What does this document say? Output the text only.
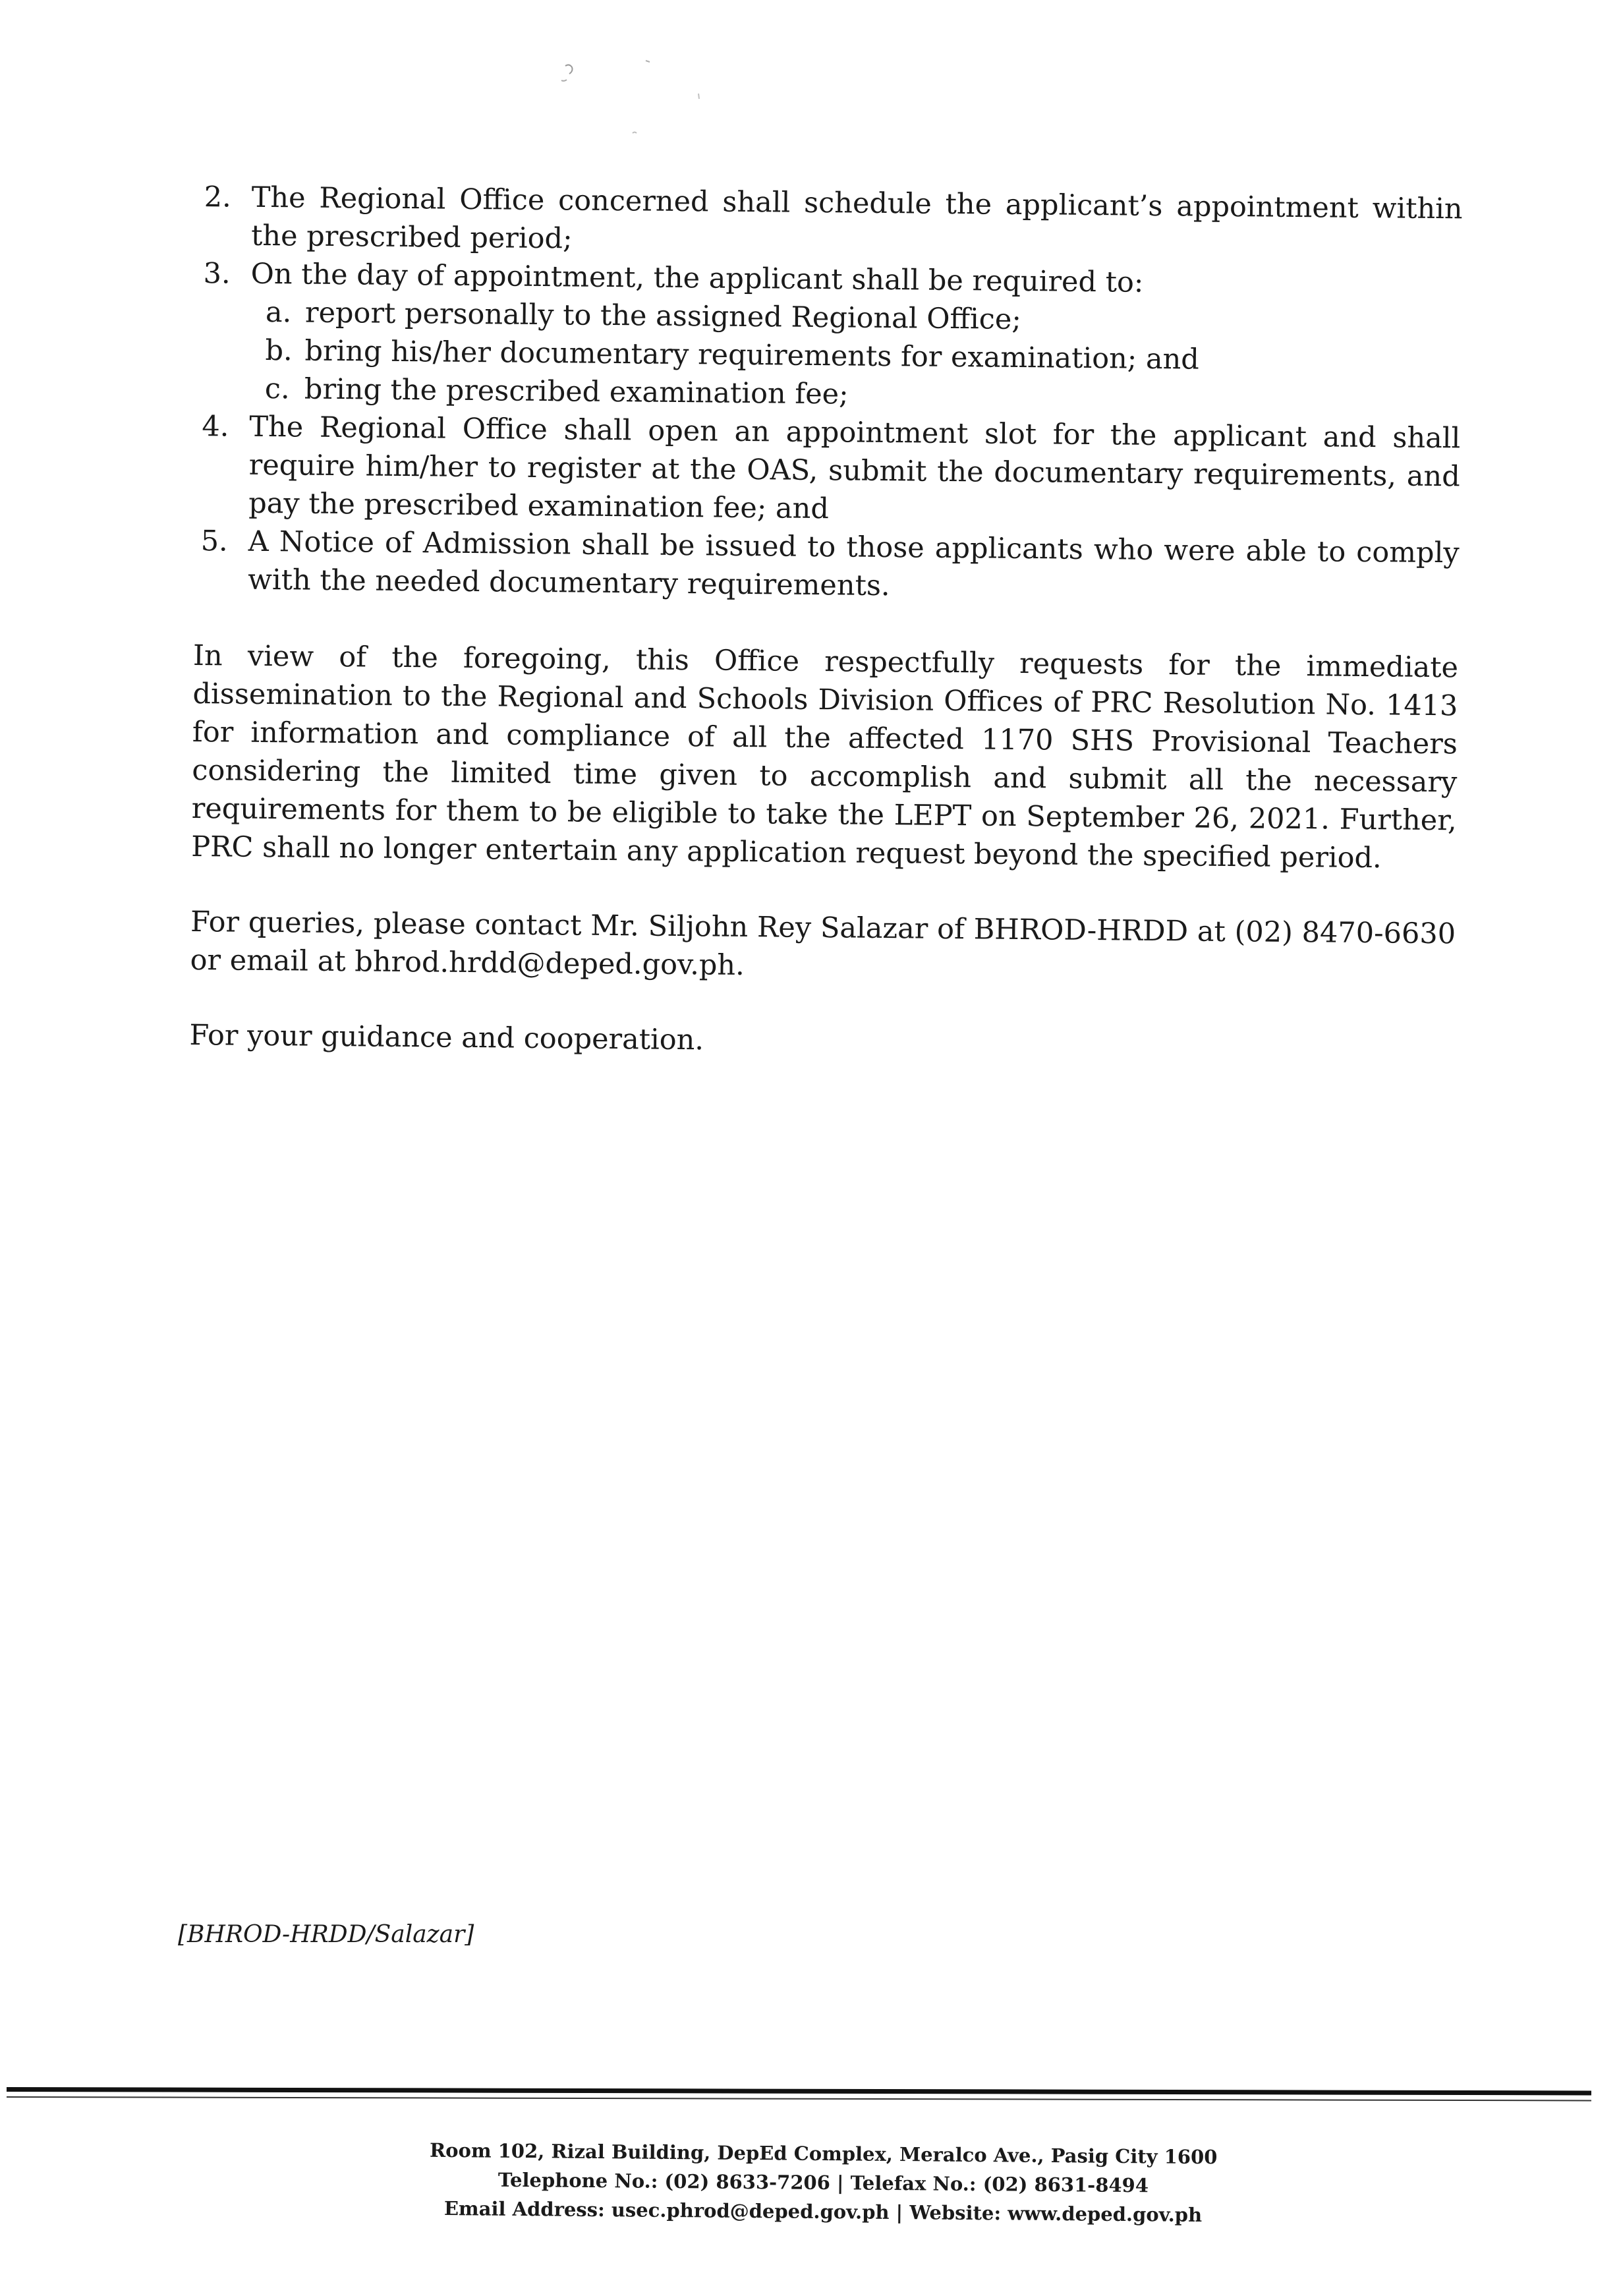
2. The Regional Office concerned shall schedule the applicant’s appointment within the prescribed period;
3. On the day of appointment, the applicant shall be required to:
a. report personally to the assigned Regional Office;
b. bring his/her documentary requirements for examination; and
c. bring the prescribed examination fee;
4. The Regional Office shall open an appointment slot for the applicant and shall require him/her to register at the OAS, submit the documentary requirements, and pay the prescribed examination fee; and
5. A Notice of Admission shall be issued to those applicants who were able to comply with the needed documentary requirements.

In view of the foregoing, this Office respectfully requests for the immediate dissemination to the Regional and Schools Division Offices of PRC Resolution No. 1413 for information and compliance of all the affected 1170 SHS Provisional Teachers considering the limited time given to accomplish and submit all the necessary requirements for them to be eligible to take the LEPT on September 26, 2021. Further, PRC shall no longer entertain any application request beyond the specified period.

For queries, please contact Mr. Siljohn Rey Salazar of BHROD-HRDD at (02) 8470-6630 or email at bhrod.hrdd@deped.gov.ph.

For your guidance and cooperation.

[BHROD-HRDD/Salazar]
Room 102, Rizal Building, DepEd Complex, Meralco Ave., Pasig City 1600
Telephone No.: (02) 8633-7206 | Telefax No.: (02) 8631-8494
Email Address: usec.phrod@deped.gov.ph | Website: www.deped.gov.ph
